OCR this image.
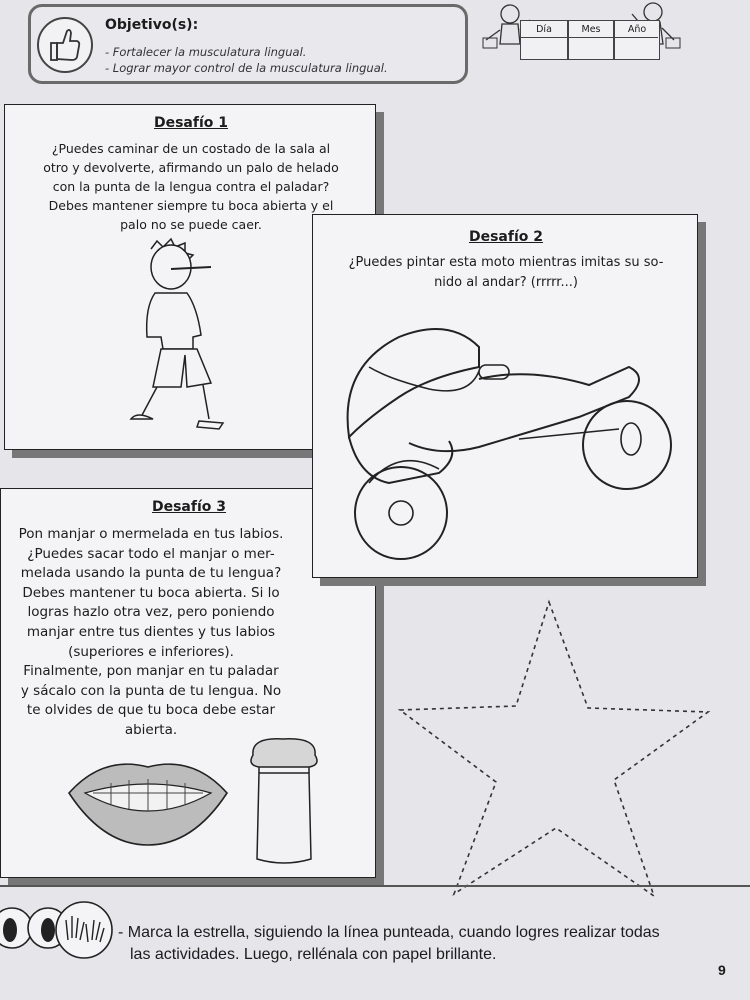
Objetivo(s):
- Fortalecer la musculatura lingual.
- Lograr mayor control de la musculatura lingual.
Día	Mes	Año
Desafío 1
¿Puedes caminar de un costado de la sala al
otro y devolverte, afirmando un palo de helado
con la punta de la lengua contra el paladar?
Debes mantener siempre tu boca abierta y el
palo no se puede caer.
Desafío 3
Pon manjar o mermelada en tus labios.
¿Puedes sacar todo el manjar o mer-
melada usando la punta de tu lengua?
Debes mantener tu boca abierta. Si lo
logras hazlo otra vez, pero poniendo
manjar entre tus dientes y tus labios
(superiores e inferiores).
Finalmente, pon manjar en tu paladar
y sácalo con la punta de tu lengua. No
te olvides de que tu boca debe estar
abierta.
Desafío 2
¿Puedes pintar esta moto mientras imitas su so-
nido al andar? (rrrrr...)
- Marca la estrella, siguiendo la línea punteada, cuando logres realizar todas
las actividades. Luego, rellénala con papel brillante.
9
